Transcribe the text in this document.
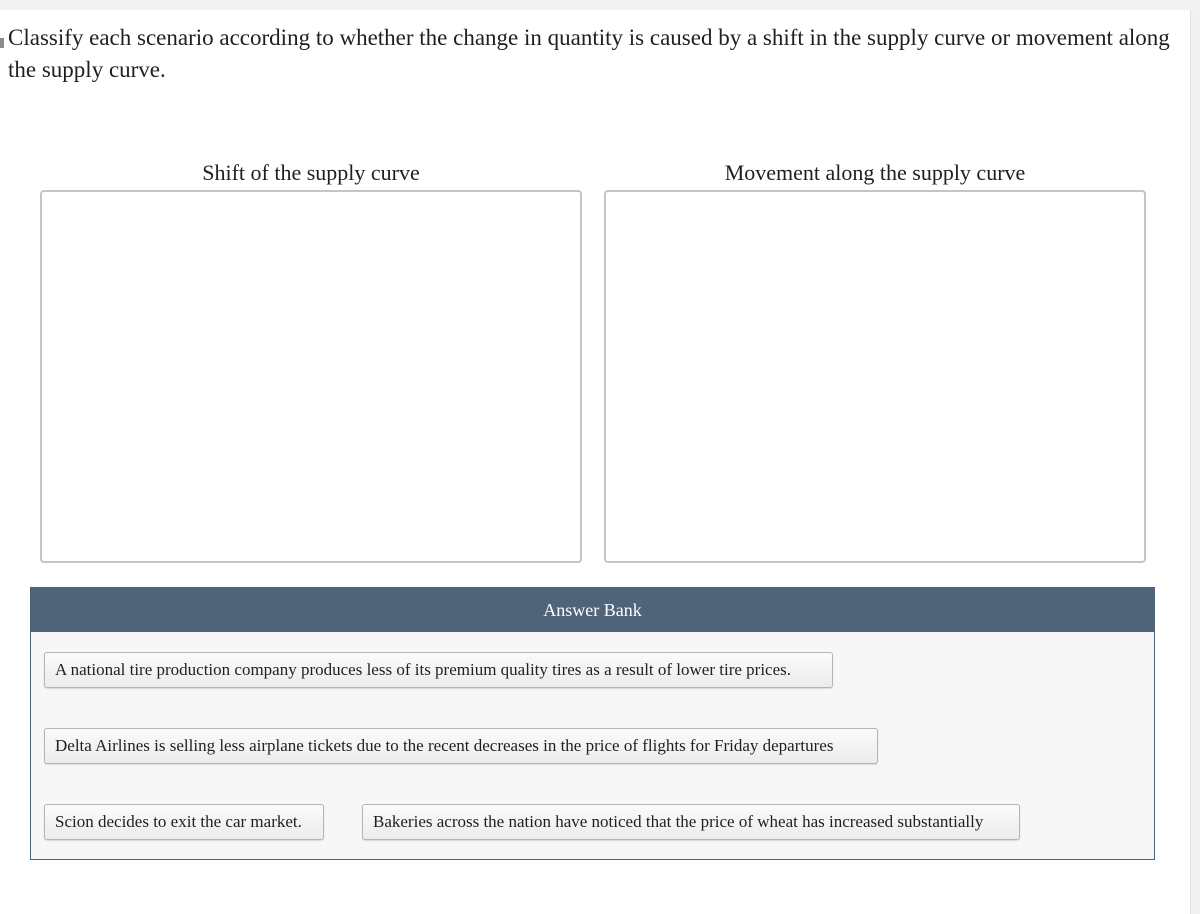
Classify each scenario according to whether the change in quantity is caused by a shift in the supply curve or movement along the supply curve.

Shift of the supply curve	Movement along the supply curve
Answer Bank
A national tire production company produces less of its premium quality tires as a result of lower tire prices.
Delta Airlines is selling less airplane tickets due to the recent decreases in the price of flights for Friday departures
Scion decides to exit the car market.	Bakeries across the nation have noticed that the price of wheat has increased substantially
